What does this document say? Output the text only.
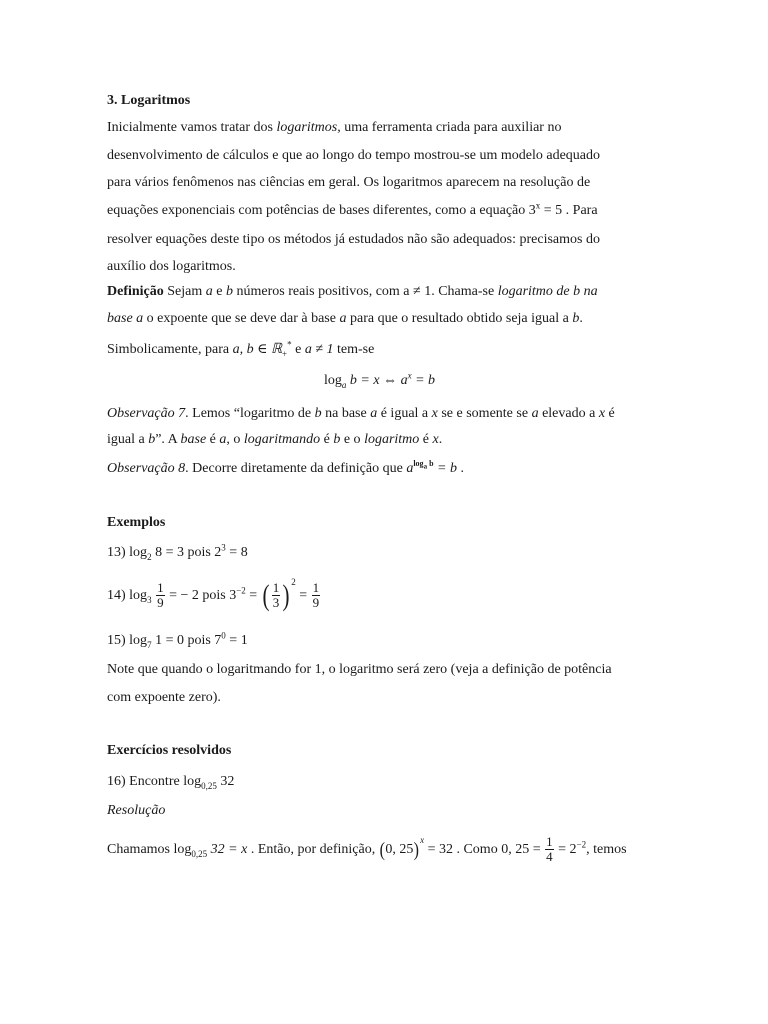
3. Logaritmos
Inicialmente vamos tratar dos logaritmos, uma ferramenta criada para auxiliar no
desenvolvimento de cálculos e que ao longo do tempo mostrou-se um modelo adequado
para vários fenômenos nas ciências em geral. Os logaritmos aparecem na resolução de
equações exponenciais com potências de bases diferentes, como a equação $3^x = 5$ . Para
resolver equações deste tipo os métodos já estudados não são adequados: precisamos do
auxílio dos logaritmos.
Definição Sejam a e b números reais positivos, com a ≠ 1. Chama-se logaritmo de b na
base a o expoente que se deve dar à base a para que o resultado obtido seja igual a b.
Simbolicamente, para a, b ∈ ℝ$_+$* e a ≠ 1 tem-se
$\log_a b = x$ ⇔ $a^x = b$
Observação 7. Lemos “logaritmo de b na base a é igual a x se e somente se a elevado a x é
igual a b”. A base é a, o logaritmando é b e o logaritmo é x.
Observação 8. Decorre diretamente da definição que $a^{log_a b} = b$ .
Exemplos
13) $\log_2 8 = 3$ pois $2^3 = 8$
14) $\log_3 \frac{1}{9}$ = − 2 pois $3^{-2}$ = ( $\frac{1}{3}$ ) $^2 = \frac{1}{9}$
15) $\log_7 1 = 0$ pois $7^0 = 1$
Note que quando o logaritmando for 1, o logaritmo será zero (veja a definição de potência
com expoente zero).
Exercícios resolvidos
16) Encontre $\log_{0,25} 32$
Resolução
Chamamos $\log_{0,25} 32 = x$ . Então, por definição, (0, 25)$^x$ = 32 . Como 0, $25 = \frac{1}{4} = 2^{-2}$, temos
